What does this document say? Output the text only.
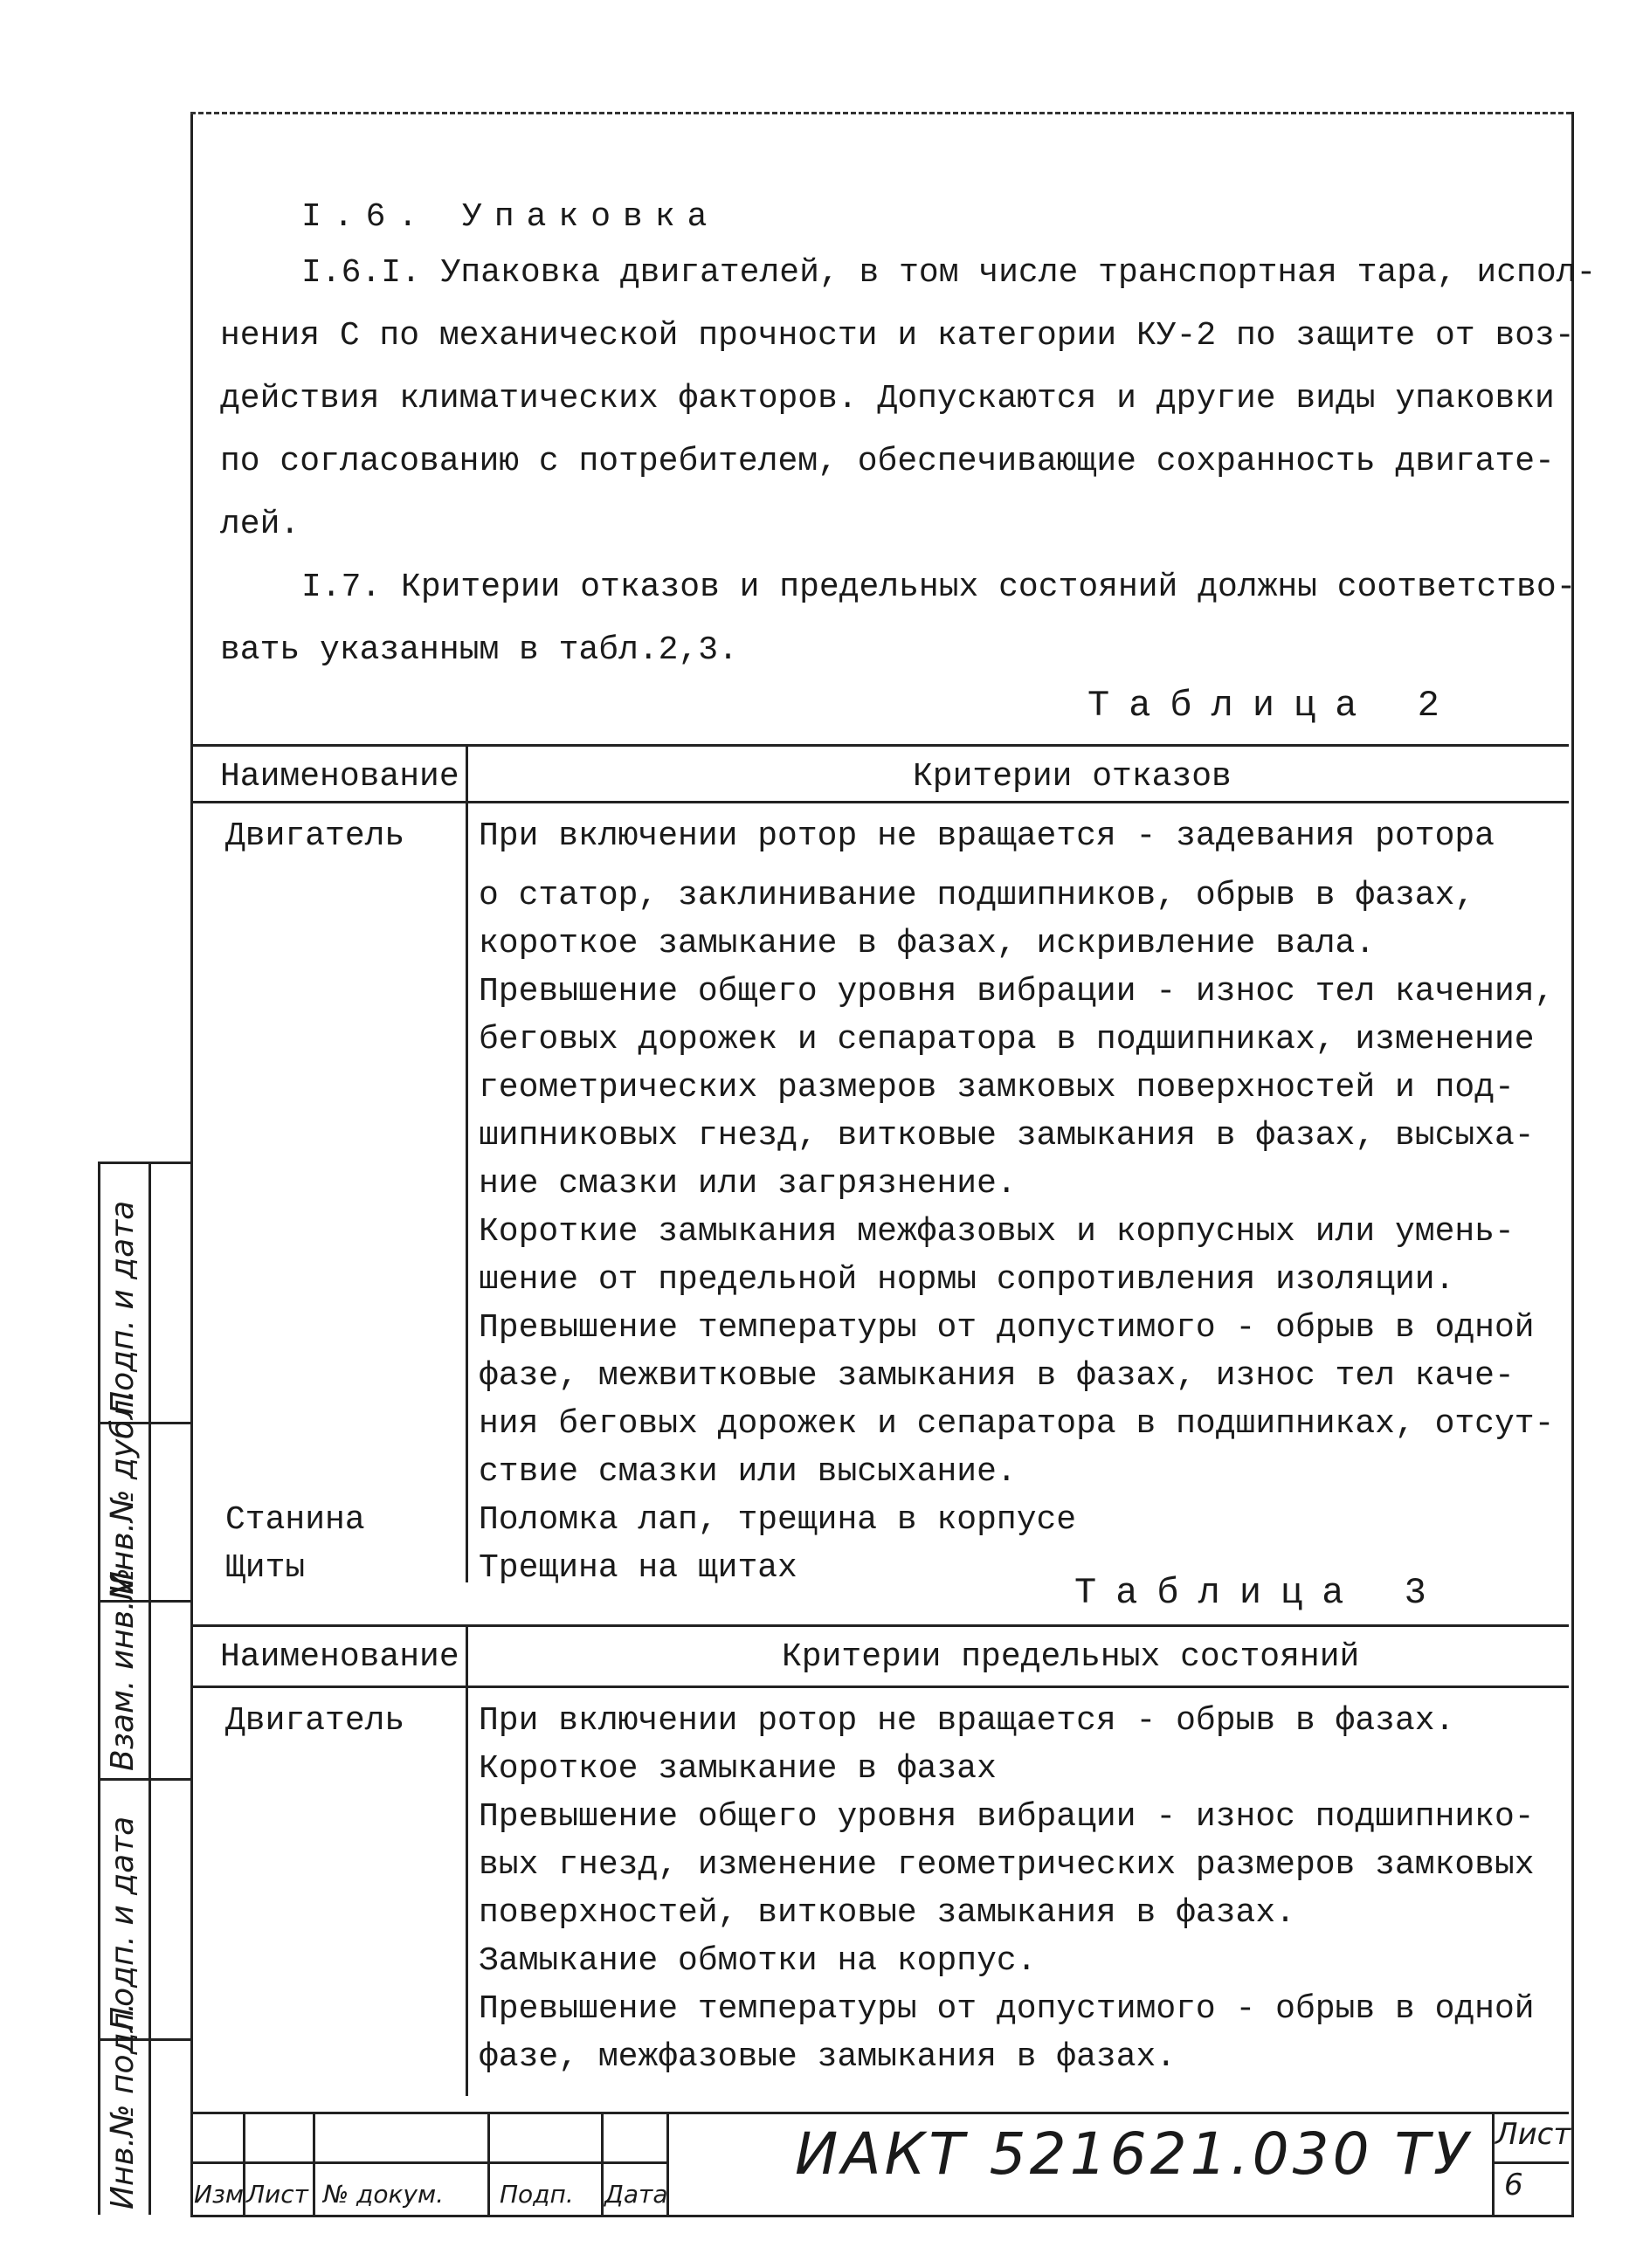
I.6. Упаковка
I.6.I. Упаковка двигателей, в том числе транспортная тара, испол-
нения С по механической прочности и категории КУ-2 по защите от воз-
действия климатических факторов. Допускаются и другие виды упаковки
по согласованию с потребителем, обеспечивающие сохранность двигате-
лей.
I.7. Критерии отказов и предельных состояний должны соответство-
вать указанным в табл.2,3.
Таблица 2
Наименование	Критерии отказов
Двигатель При включении ротор не вращается - задевания ротора
о статор, заклинивание подшипников, обрыв в фазах,
короткое замыкание в фазах, искривление вала.
Превышение общего уровня вибрации - износ тел качения,
беговых дорожек и сепаратора в подшипниках, изменение
геометрических размеров замковых поверхностей и под-
шипниковых гнезд, витковые замыкания в фазах, высыха-
ние смазки или загрязнение.
Короткие замыкания межфазовых и корпусных или умень-
шение от предельной нормы сопротивления изоляции.
Превышение температуры от допустимого - обрыв в одной
фазе, межвитковые замыкания в фазах, износ тел каче-
ния беговых дорожек и сепаратора в подшипниках, отсут-
ствие смазки или высыхание.
Станина	Поломка лап, трещина в корпусе
Щиты	Трещина на щитах
Таблица 3
Наименование	Критерии предельных состояний
Двигатель При включении ротор не вращается - обрыв в фазах.
Короткое замыкание в фазах
Превышение общего уровня вибрации - износ подшипнико-
вых гнезд, изменение геометрических размеров замковых
поверхностей, витковые замыкания в фазах.
Замыкание обмотки на корпус.
Превышение температуры от допустимого - обрыв в одной
фазе, межфазовые замыкания в фазах.
Инв.№ подл.
Подп. и дата
Взам. инв.№
Инв.№ дубл.
Подп. и дата
Изм Лист № докум. Подп. Дата
ИАКТ 521621.030 ТУ Лист
6
